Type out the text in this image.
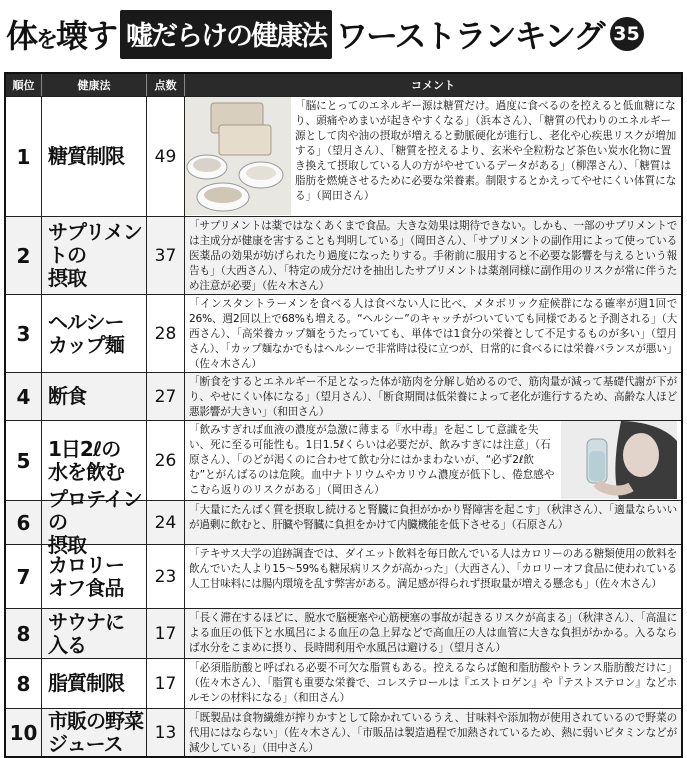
体を壊す 嘘だらけの健康法 ワーストランキング 35
順位	健康法	点数	コメント
1 糖質制限	49
「脳にとってのエネルギー源は糖質だけ。過度に食べるのを控えると低血糖になり、頭痛やめまいが起きやすくなる」（浜本さん）、「糖質の代わりのエネルギー源として肉や油の摂取が増えると動脈硬化が進行し、老化や心疾患リスクが増加する」（望月さん）、「糖質を控えるより、玄米や全粒粉など茶色い炭水化物に置き換えて摂取している人の方がやせているデータがある」（柳澤さん）、「糖質は脂肪を燃焼させるために必要な栄養素。制限するとかえってやせにくい体質になる」（岡田さん）
2
サプリメントの
摂取
37
「サプリメントは薬ではなくあくまで食品。大きな効果は期待できない。しかも、一部のサプリメントでは主成分が健康を害することも判明している」（岡田さん）、「サプリメントの副作用によって使っている医薬品の効果が妨げられたり過度になったりする。手術前に服用すると不必要な影響を与えるという報告も」（大西さん）、「特定の成分だけを抽出したサプリメントは薬剤同様に副作用のリスクが常に伴うため注意が必要」（佐々木さん）
3 ヘルシー
カップ麺	28
「インスタントラーメンを食べる人は食べない人に比べ、メタボリック症候群になる確率が週1回で26%、週2回以上で68%も増える。“ヘルシー”のキャッチがついていても同様であると予測される」（大西さん）、「高栄養カップ麺をうたっていても、単体では1食分の栄養として不足するものが多い」（望月さん）、「カップ麺なかでもはヘルシーで非常時は役に立つが、日常的に食べるには栄養バランスが悪い」（佐々木さん）
4 断食	27
「断食をするとエネルギー不足となった体が筋肉を分解し始めるので、筋肉量が減って基礎代謝が下がり、やせにくい体になる」（望月さん）、「断食期間は低栄養によって老化が進行するため、高齢な人ほど悪影響が大きい」（和田さん）
5 1日2ℓの
水を飲む	26
「飲みすぎれば血液の濃度が急激に薄まる『水中毒』を起こして意識を失い、死に至る可能性も。1日1.5ℓくらいは必要だが、飲みすぎには注意」（石原さん）、「のどが渇くのに合わせて飲む分にはかまわないが、“必ず2ℓ飲む”とがんばるのは危険。血中ナトリウムやカリウム濃度が低下し、倦怠感やこむら返りのリスクがある」（岡田さん）
6
プロテインの
摂取
24
「大量にたんぱく質を摂取し続けると腎臓に負担がかかり腎障害を起こす」（秋津さん）、「適量ならいいが過剰に飲むと、肝臓や腎臓に負担をかけて内臓機能を低下させる」（石原さん）
7 カロリー
オフ食品	23
「テキサス大学の追跡調査では、ダイエット飲料を毎日飲んでいる人はカロリーのある糖類使用の飲料を飲んでいた人より15〜59%も糖尿病リスクが高かった」（大西さん）、「カロリーオフ食品に使われている人工甘味料には腸内環境を乱す弊害がある。満足感が得られず摂取量が増える懸念も」（佐々木さん）
8 サウナに
入る	17
「長く滞在するほどに、脱水で脳梗塞や心筋梗塞の事故が起きるリスクが高まる」（秋津さん）、「高温による血圧の低下と水風呂による血圧の急上昇などで高血圧の人は血管に大きな負担がかかる。入るならば水分をこまめに摂り、長時間利用や水風呂は避ける」（望月さん）
8 脂質制限	17
「必須脂肪酸と呼ばれる必要不可欠な脂質もある。控えるならば飽和脂肪酸やトランス脂肪酸だけに」（佐々木さん）、「脂質も重要な栄養で、コレステロールは『エストロゲン』や『テストステロン』などホルモンの材料になる」（和田さん）
10 市販の野菜
ジュース	13
「既製品は食物繊維が搾りかすとして除かれているうえ、甘味料や添加物が使用されているので野菜の代用にはならない」（佐々木さん）、「市販品は製造過程で加熱されているため、熱に弱いビタミンなどが減少している」（田中さん）
